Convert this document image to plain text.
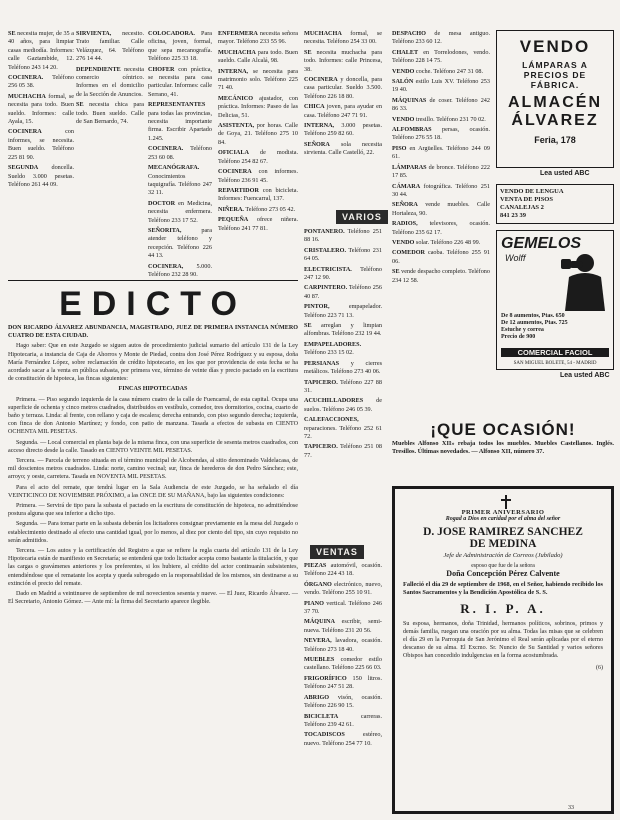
SE necesita mujer, de 35 a 40 años, para limpiar casas mediodía. Informes: calle Gaztambide, 12. Teléfono 243 14 20.

COCINERA. Teléfono 256 05 38.

MUCHACHA formal, se necesita para todo. Buen sueldo. Informes: calle Ayala, 15.

COCINERA con informes, se necesita. Buen sueldo. Teléfono 225 81 90.

SEGUNDA doncella. Sueldo 3.000 pesetas. Teléfono 261 44 09.

SIRVIENTA, necesito. Trato familiar. Calle Velázquez, 64. Teléfono 276 14 44.

DEPENDIENTE necesita comercio céntrico. Informes en el domicilio de la Sección de Anuncios.

SE necesita chica para todo. Buen sueldo. Calle de San Bernardo, 74.

COLOCADORA. Para oficina, joven, formal, que sepa mecanografía. Teléfono 225 33 18.

CHOFER con práctica, se necesita para casa particular. Informes: calle Serrano, 41.

REPRESENTANTES para todas las provincias, necesita importante firma. Escribir Apartado 1.245.

COCINERA. Teléfono 253 60 08.

MECANÓGRAFA. Conocimientos taquigrafía. Teléfono 247 32 11.

DOCTOR en Medicina, necesita enfermera. Teléfono 233 17 52.

SEÑORITA, para atender teléfono y recepción. Teléfono 226 44 13.

COCINERA, 5.000. Teléfono 232 28 90.

ENFERMERA necesita señora mayor. Teléfono 233 55 96.

MUCHACHA para todo. Buen sueldo. Calle Alcalá, 98.

INTERNA, se necesita para matrimonio solo. Teléfono 225 71 40.

MECÁNICO ajustador, con práctica. Informes: Paseo de las Delicias, 51.

ASISTENTA, por horas. Calle de Goya, 21. Teléfono 275 10 84.

OFICIALA de modista. Teléfono 254 82 67.

COCINERA con informes. Teléfono 236 91 45.

REPARTIDOR con bicicleta. Informes: Fuencarral, 137.

NIÑERA. Teléfono 273 05 42.

PEQUEÑA ofrece niñera. Teléfono 241 77 81.

EDICTO

DON RICARDO ÁLVAREZ ABUNDANCIA, MAGISTRADO, JUEZ DE PRIMERA INSTANCIA NÚMERO CUATRO DE ESTA CIUDAD.

Hago saber: Que en este Juzgado se siguen autos de procedimiento judicial sumario del artículo 131 de la Ley Hipotecaria, a instancia de Caja de Ahorros y Monte de Piedad, contra don José Pérez Rodríguez y su esposa, doña María Fernández López, sobre reclamación de crédito hipotecario, en los que por providencia de esta fecha se ha acordado sacar a la venta en pública subasta, por primera vez, término de veinte días y precio pactado en la escritura de constitución de hipoteca, las fincas siguientes:

FINCAS HIPOTECADAS

Primera. — Piso segundo izquierda de la casa número cuatro de la calle de Fuencarral, de esta capital. Ocupa una superficie de ochenta y cinco metros cuadrados, distribuidos en vestíbulo, comedor, tres dormitorios, cocina, cuarto de baño y terraza. Linda: al frente, con rellano y caja de escalera; derecha entrando, con piso segundo derecha; izquierda, con finca de don Antonio Martínez; y fondo, con patio de manzana. Tasada a efectos de subasta en CIENTO OCHENTA MIL PESETAS.

Segunda. — Local comercial en planta baja de la misma finca, con una superficie de sesenta metros cuadrados, con acceso directo desde la calle. Tasado en CIENTO VEINTE MIL PESETAS.

Tercera. — Parcela de terreno situada en el término municipal de Alcobendas, al sitio denominado Valdelacasa, de mil doscientos metros cuadrados. Linda: norte, camino vecinal; sur, finca de herederos de don Pedro Sánchez; este, arroyo; y oeste, carretera. Tasada en NOVENTA MIL PESETAS.

Para el acto del remate, que tendrá lugar en la Sala Audiencia de este Juzgado, se ha señalado el día VEINTICINCO DE NOVIEMBRE PRÓXIMO, a las ONCE DE SU MAÑANA, bajo las siguientes condiciones:

Primera. — Servirá de tipo para la subasta el pactado en la escritura de constitución de hipoteca, no admitiéndose postura alguna que sea inferior a dicho tipo.

Segunda. — Para tomar parte en la subasta deberán los licitadores consignar previamente en la mesa del Juzgado o establecimiento destinado al efecto una cantidad igual, por lo menos, al diez por ciento del tipo, sin cuyo requisito no serán admitidos.

Tercera. — Los autos y la certificación del Registro a que se refiere la regla cuarta del artículo 131 de la Ley Hipotecaria están de manifiesto en Secretaría; se entenderá que todo licitador acepta como bastante la titulación, y que las cargas o gravámenes anteriores y los preferentes, si los hubiere, al crédito del actor continuarán subsistentes, entendiéndose que el rematante los acepta y queda subrogado en la responsabilidad de los mismos, sin destinarse a su extinción el precio del remate.

Dado en Madrid a veintinueve de septiembre de mil novecientos sesenta y nueve. — El Juez, Ricardo Álvarez. — El Secretario, Antonio Gómez. — Ante mí: la firma del Secretario aparece ilegible.

MUCHACHA formal, se necesita. Teléfono 254 33 00.

SE necesita muchacha para todo. Informes: calle Princesa, 38.

COCINERA y doncella, para casa particular. Sueldo 3.500. Teléfono 226 18 80.

CHICA joven, para ayudar en casa. Teléfono 247 71 91.

INTERNA, 3.000 pesetas. Teléfono 259 82 60.

SEÑORA sola necesita sirvienta. Calle Castelló, 22.

VARIOS

PONTANERO. Teléfono 251 88 16.

CRISTALERO. Teléfono 231 64 05.

ELECTRICISTA. Teléfono 247 12 90.

CARPINTERO. Teléfono 256 40 87.

PINTOR, empapelador. Teléfono 223 71 13.

SE arreglan y limpian alfombras. Teléfono 232 19 44.

EMPAPELADORES. Teléfono 233 15 02.

PERSIANAS y cierres metálicos. Teléfono 273 40 06.

TAPICERO. Teléfono 227 88 31.

ACUCHILLADORES de suelos. Teléfono 246 05 39.

CALEFACCIONES, reparaciones. Teléfono 252 61 72.

TAPICERO. Teléfono 251 08 77.

VENTAS

PIEZAS automóvil, ocasión. Teléfono 224 43 18.

ÓRGANO electrónico, nuevo, vendo. Teléfono 255 10 91.

PIANO vertical. Teléfono 246 37 70.

MÁQUINA escribir, semi-nueva. Teléfono 231 20 56.

NEVERA, lavadora, ocasión. Teléfono 273 18 40.

MUEBLES comedor estilo castellano. Teléfono 225 66 03.

FRIGORÍFICO 150 litros. Teléfono 247 51 28.

ABRIGO visón, ocasión. Teléfono 226 90 15.

BICICLETA carreras. Teléfono 239 42 61.

TOCADISCOS estéreo, nuevo. Teléfono 254 77 10.

DESPACHO de mesa antiguo. Teléfono 233 60 12.

CHALET en Torrelodones, vendo. Teléfono 228 14 75.

VENDO coche. Teléfono 247 31 08.

SALÓN estilo Luis XV. Teléfono 253 19 40.

MÁQUINAS de coser. Teléfono 242 86 33.

VENDO tresillo. Teléfono 231 70 02.

ALFOMBRAS persas, ocasión. Teléfono 276 55 18.

PISO en Argüelles. Teléfono 244 09 61.

LÁMPARAS de bronce. Teléfono 222 17 85.

CÁMARA fotográfica. Teléfono 251 30 44.

SEÑORA vende muebles. Calle Hortaleza, 90.

RADIOS, televisores, ocasión. Teléfono 235 62 17.

VENDO solar. Teléfono 226 48 99.

COMEDOR caoba. Teléfono 255 91 06.

SE vende despacho completo. Teléfono 234 12 58.

VENDO
LÁMPARAS A
PRECIOS DE
FÁBRICA.
ALMACÉN
ÁLVAREZ
Feria, 178
Lea usted ABC
VENDO DE LENGUA
VENTA DE PISOS
CANALEJAS 2
841 23 39
GEMELOS
Wolff
De 8 aumentos, Ptas. 650
De 12 aumentos, Ptas. 725
Estuche y correa
Precio de 900
COMERCIAL FACIOL
SAN MIGUEL BOLETE, 54 - MADRID
Lea usted ABC
¡QUE OCASIÓN!
Muebles Alfonso XII» rebaja todos los muebles. Muebles Castellanos. Inglés. Tresillos. Últimas novedades. — Alfonso XII, número 37.
PRIMER ANIVERSARIO
Rogad a Dios en caridad por el alma del señor
D. JOSE RAMIREZ SANCHEZ
DE MEDINA
Jefe de Administración de Correos (Jubilado)
esposo que fue de la señora
Doña Concepción Pérez Calvente
Falleció el día 29 de septiembre de 1968, en el Señor, habiendo recibido los Santos Sacramentos y la Bendición Apostólica de S. S.
R. I. P. A.
Su esposa, hermanos, doña Trinidad, hermanos políticos, sobrinos, primos y demás familia, ruegan una oración por su alma. Todas las misas que se celebren el día 29 en la Parroquia de San Jerónimo el Real serán aplicadas por el eterno descanso de su alma. El Excmo. Sr. Nuncio de Su Santidad y varios señores Obispos han concedido indulgencias en la forma acostumbrada.
(6)
33
